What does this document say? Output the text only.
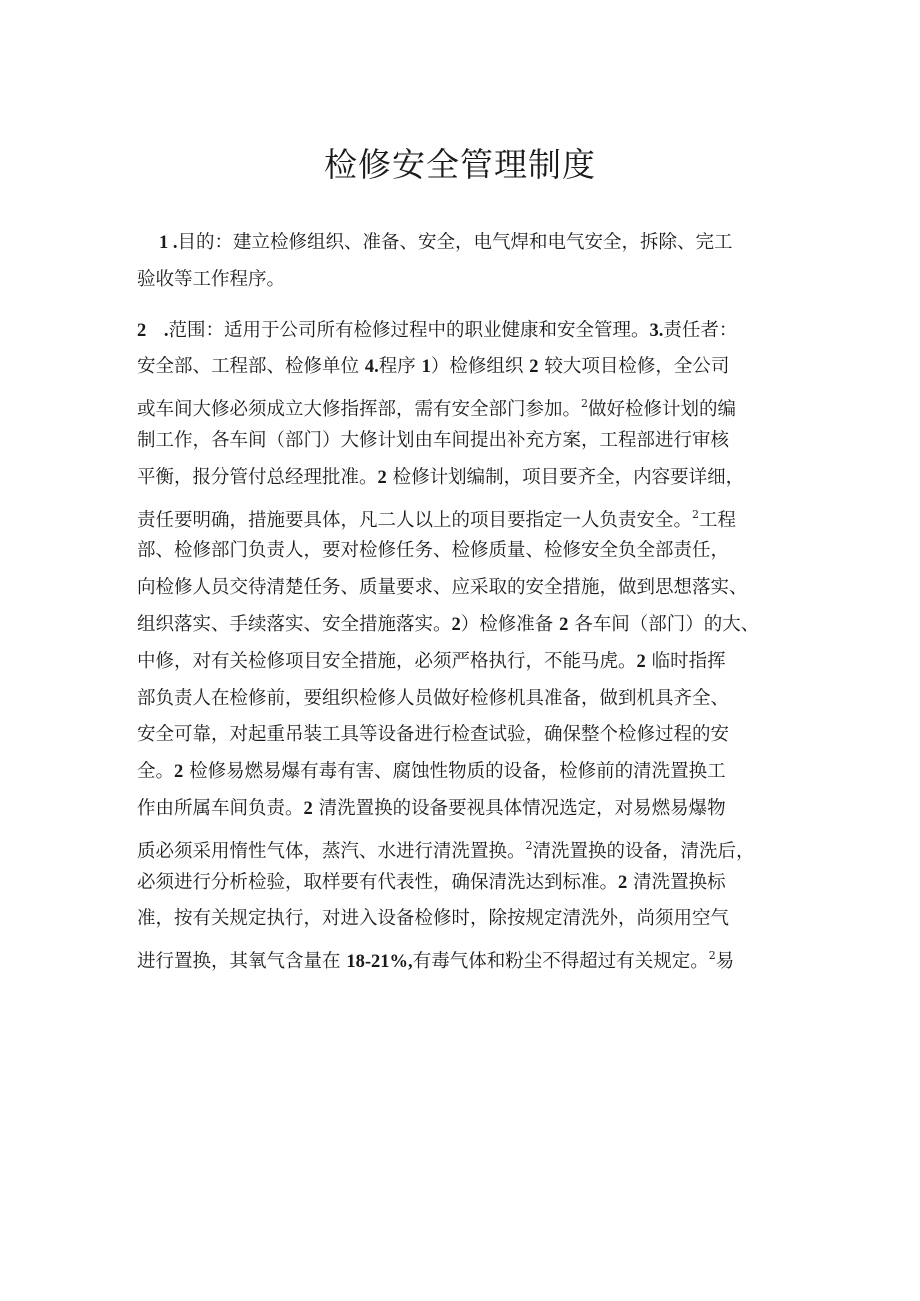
检修安全管理制度
1 .目的：建立检修组织、准备、安全，电气焊和电气安全，拆除、完工
验收等工作程序。
2 .范围：适用于公司所有检修过程中的职业健康和安全管理。3.责任者：
安全部、工程部、检修单位 4.程序 1）检修组织 2 较大项目检修，全公司
或车间大修必须成立大修指挥部，需有安全部门参加。$^2$做好检修计划的编
制工作，各车间（部门）大修计划由车间提出补充方案，工程部进行审核
平衡，报分管付总经理批准。2 检修计划编制，项目要齐全，内容要详细，
责任要明确，措施要具体，凡二人以上的项目要指定一人负责安全。$^2$工程
部、检修部门负责人，要对检修任务、检修质量、检修安全负全部责任，
向检修人员交待清楚任务、质量要求、应采取的安全措施，做到思想落实、
组织落实、手续落实、安全措施落实。2）检修准备 2 各车间（部门）的大、
中修，对有关检修项目安全措施，必须严格执行，不能马虎。2 临时指挥
部负责人在检修前，要组织检修人员做好检修机具准备，做到机具齐全、
安全可靠，对起重吊装工具等设备进行检查试验，确保整个检修过程的安
全。2 检修易燃易爆有毒有害、腐蚀性物质的设备，检修前的清洗置换工
作由所属车间负责。2 清洗置换的设备要视具体情况选定，对易燃易爆物
质必须采用惰性气体，蒸汽、水进行清洗置换。$^2$清洗置换的设备，清洗后，
必须进行分析检验，取样要有代表性，确保清洗达到标准。2 清洗置换标
准，按有关规定执行，对进入设备检修时，除按规定清洗外，尚须用空气
进行置换，其氧气含量在 18-21%,有毒气体和粉尘不得超过有关规定。$^2$易
